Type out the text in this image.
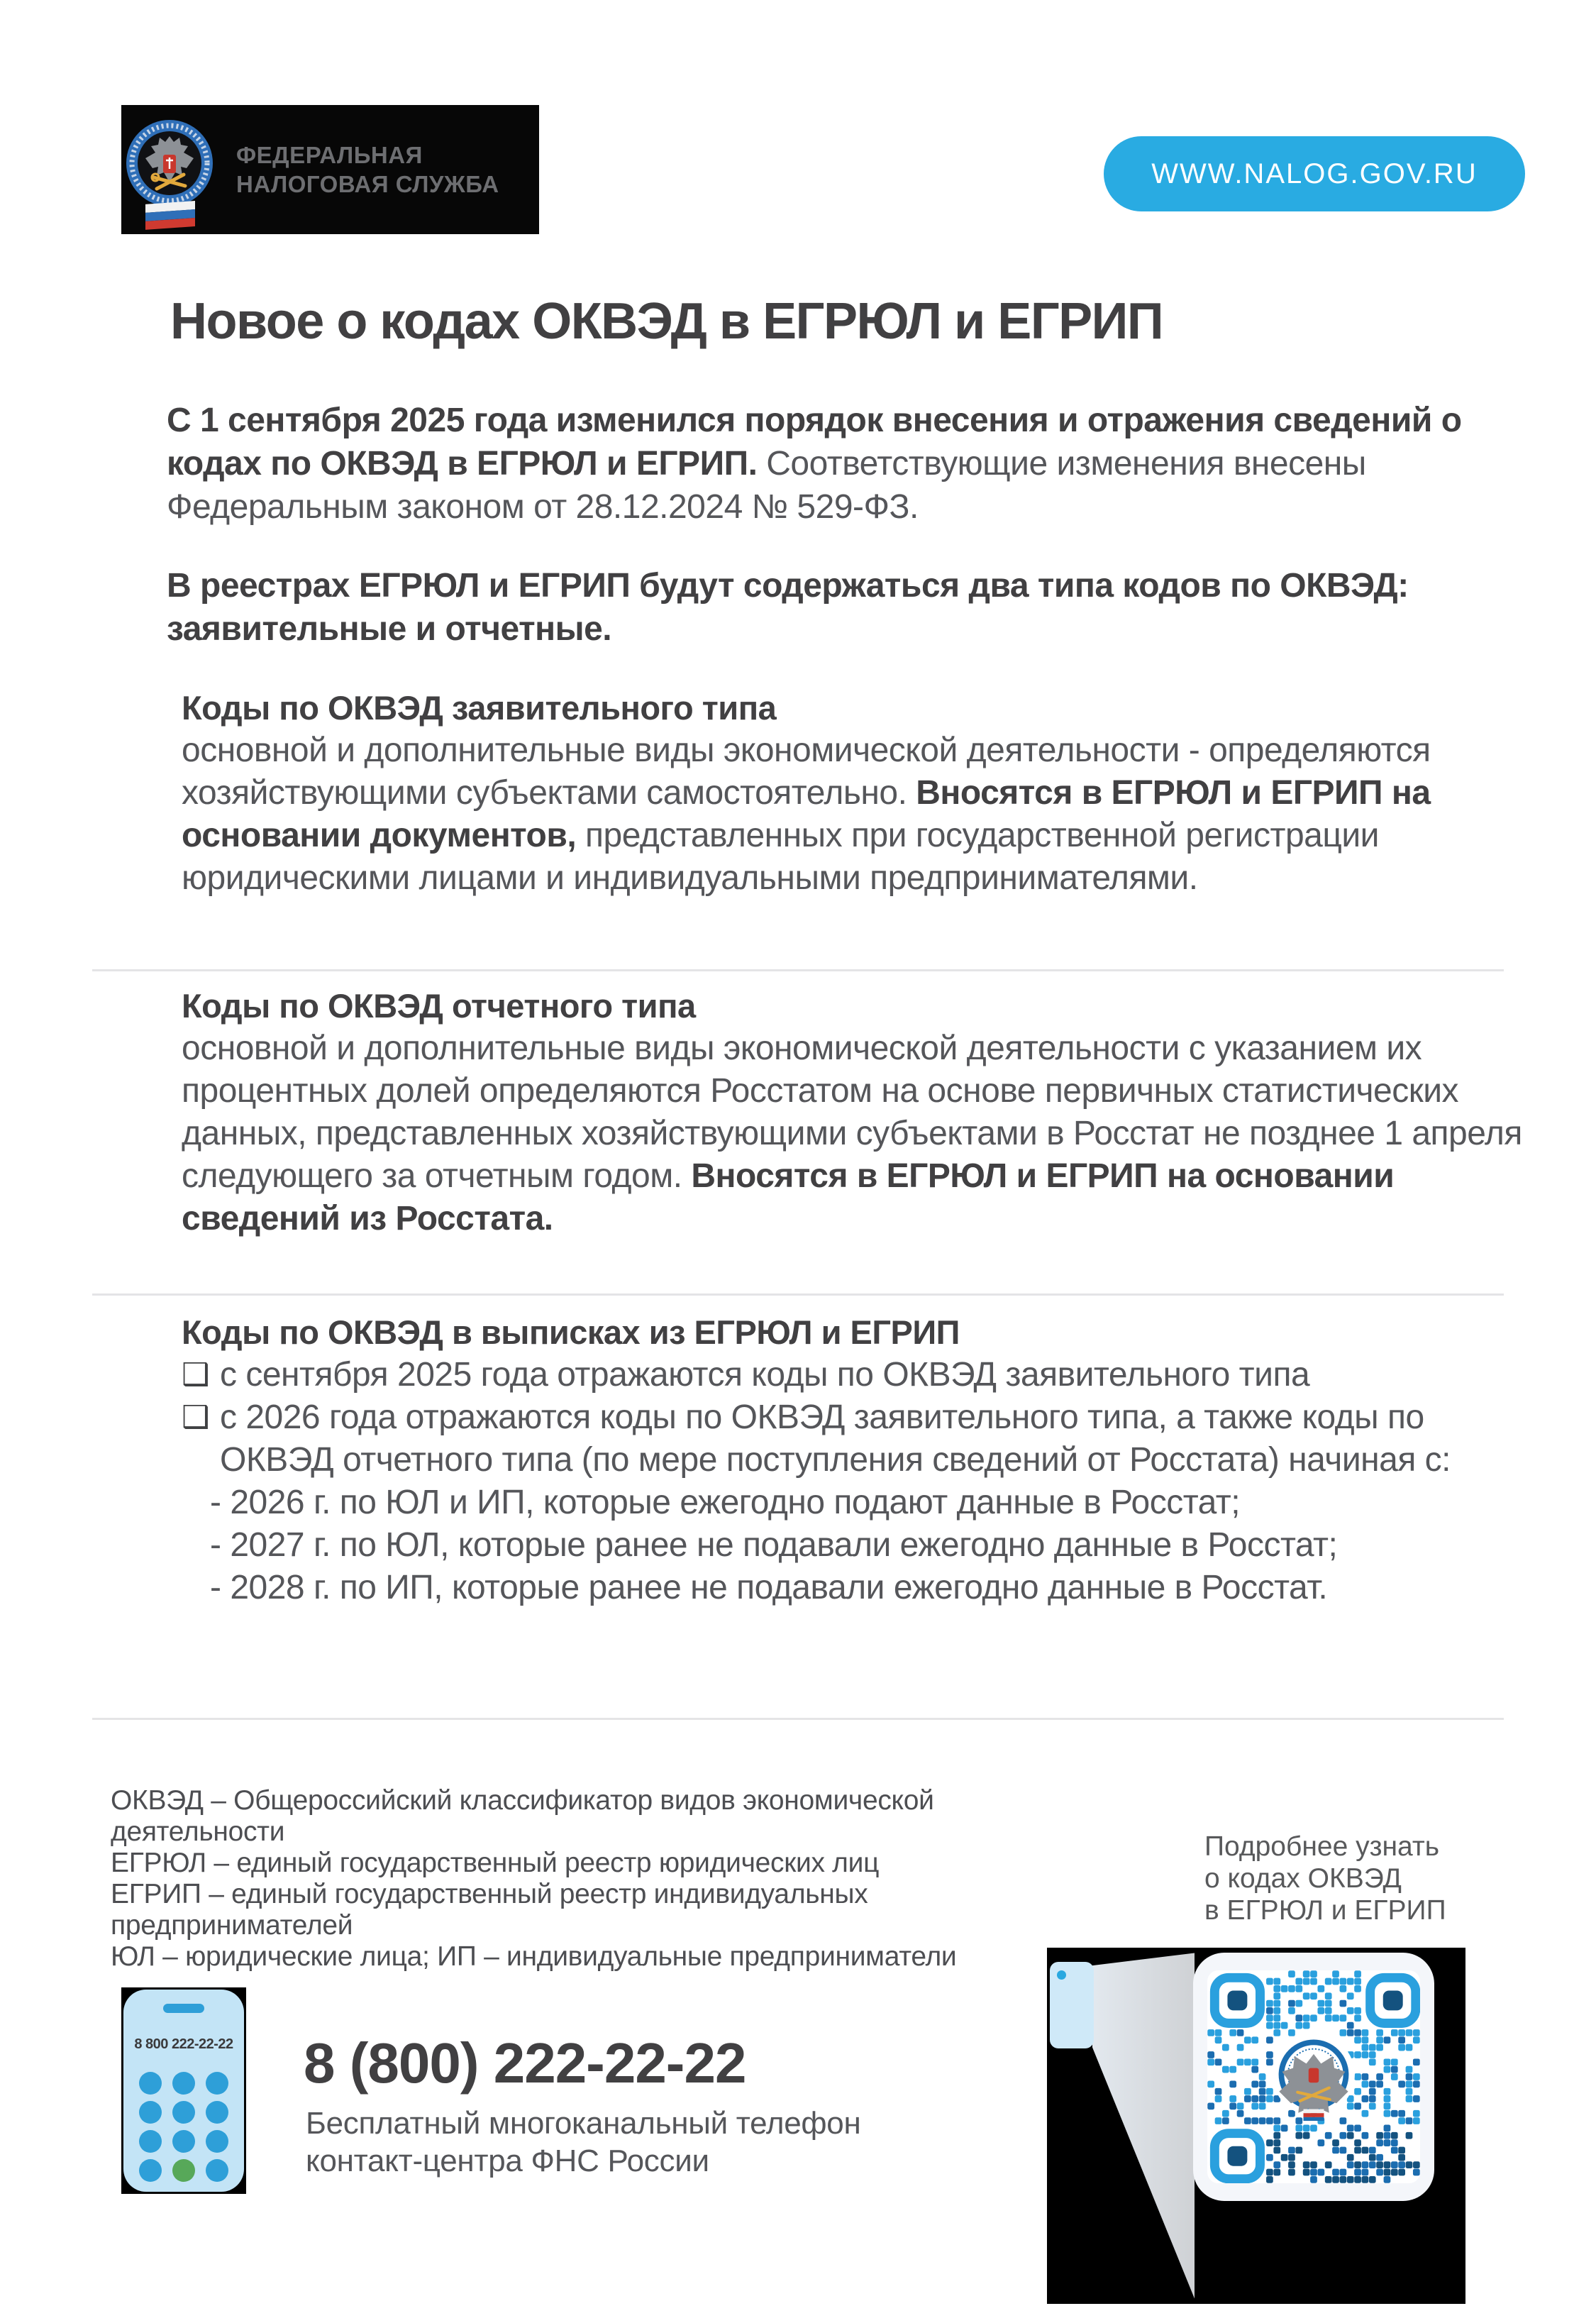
ФЕДЕРАЛЬНАЯ
НАЛОГОВАЯ СЛУЖБА	WWW.NALOG.GOV.RU
Новое о кодах ОКВЭД в ЕГРЮЛ и ЕГРИП

С 1 сентября 2025 года изменился порядок внесения и отражения сведений о кодах по ОКВЭД в ЕГРЮЛ и ЕГРИП. Соответствующие изменения внесены Федеральным законом от 28.12.2024 № 529-ФЗ.

В реестрах ЕГРЮЛ и ЕГРИП будут содержаться два типа кодов по ОКВЭД: заявительные и отчетные.

Коды по ОКВЭД заявительного типа

основной и дополнительные виды экономической деятельности - определяются хозяйствующими субъектами самостоятельно. Вносятся в ЕГРЮЛ и ЕГРИП на основании документов, представленных при государственной регистрации юридическими лицами и индивидуальными предпринимателями.

Коды по ОКВЭД отчетного типа

основной и дополнительные виды экономической деятельности с указанием их процентных долей определяются Росстатом на основе первичных статистических данных, представленных хозяйствующими субъектами в Росстат не позднее 1 апреля следующего за отчетным годом. Вносятся в ЕГРЮЛ и ЕГРИП на основании сведений из Росстата.

Коды по ОКВЭД в выписках из ЕГРЮЛ и ЕГРИП
❑ с сентября 2025 года отражаются коды по ОКВЭД заявительного типа
❑ с 2026 года отражаются коды по ОКВЭД заявительного типа, а также коды по ОКВЭД отчетного типа (по мере поступления сведений от Росстата) начиная с:
- 2026 г. по ЮЛ и ИП, которые ежегодно подают данные в Росстат;
- 2027 г. по ЮЛ, которые ранее не подавали ежегодно данные в Росстат;
- 2028 г. по ИП, которые ранее не подавали ежегодно данные в Росстат.
ОКВЭД – Общероссийский классификатор видов экономической деятельности
ЕГРЮЛ – единый государственный реестр юридических лиц
ЕГРИП – единый государственный реестр индивидуальных предпринимателей
ЮЛ – юридические лица; ИП – индивидуальные предприниматели
8 800 222-22-22 8 (800) 222-22-22
Бесплатный многоканальный телефон
контакт-центра ФНС России
Подробнее узнать
о кодах ОКВЭД
в ЕГРЮЛ и ЕГРИП
